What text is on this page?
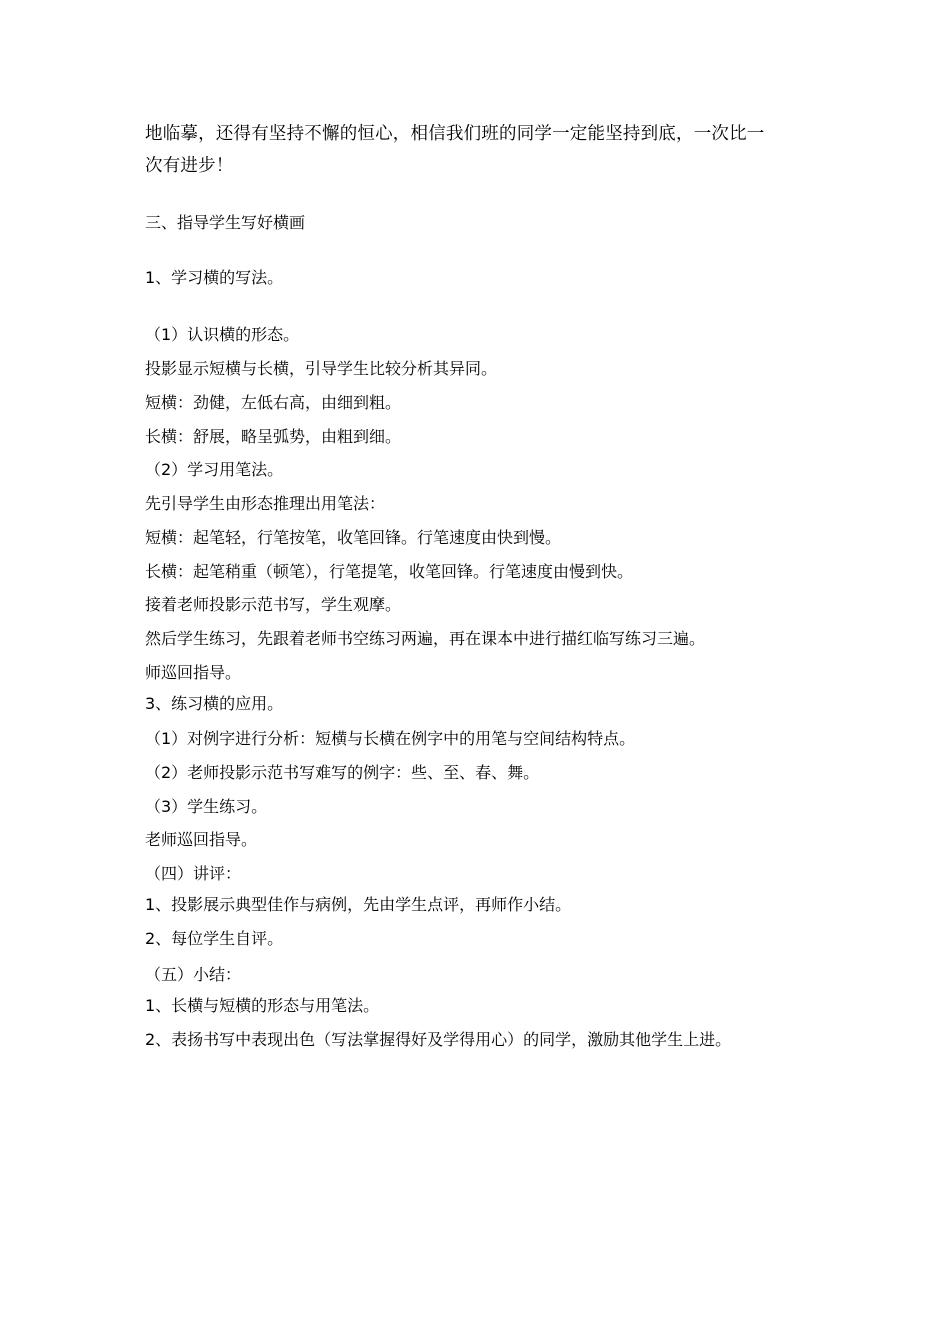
地临摹，还得有坚持不懈的恒心，相信我们班的同学一定能坚持到底，一次比一
次有进步！
三、指导学生写好横画
1、学习横的写法。
（1）认识横的形态。
投影显示短横与长横，引导学生比较分析其异同。
短横：劲健，左低右高，由细到粗。
长横：舒展，略呈弧势，由粗到细。
（2）学习用笔法。
先引导学生由形态推理出用笔法：
短横：起笔轻，行笔按笔，收笔回锋。行笔速度由快到慢。
长横：起笔稍重（顿笔），行笔提笔，收笔回锋。行笔速度由慢到快。
接着老师投影示范书写，学生观摩。
然后学生练习，先跟着老师书空练习两遍，再在课本中进行描红临写练习三遍。
师巡回指导。
3、练习横的应用。
（1）对例字进行分析：短横与长横在例字中的用笔与空间结构特点。
（2）老师投影示范书写难写的例字：些、至、春、舞。
（3）学生练习。
老师巡回指导。
（四）讲评：
1、投影展示典型佳作与病例，先由学生点评，再师作小结。
2、每位学生自评。
（五）小结：
1、长横与短横的形态与用笔法。
2、表扬书写中表现出色（写法掌握得好及学得用心）的同学，激励其他学生上进。
